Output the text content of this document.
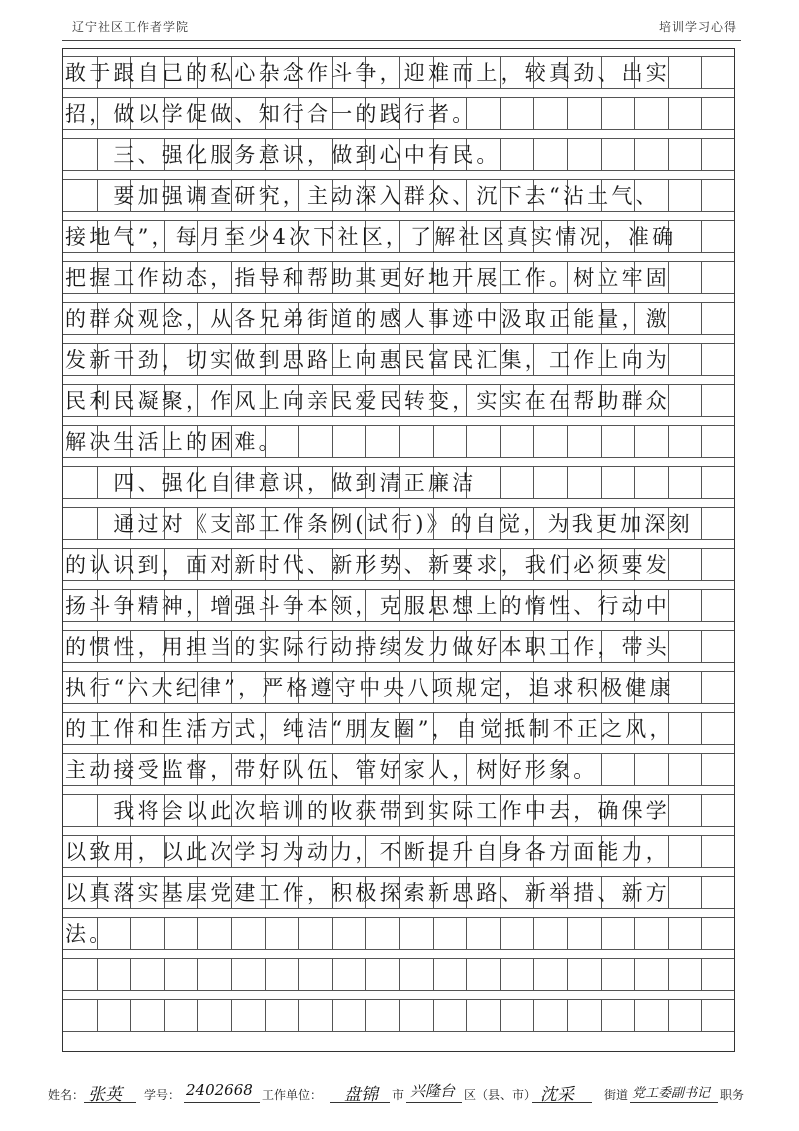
辽宁社区工作者学院	培训学习心得
敢于跟自己的私心杂念作斗争，迎难而上，较真劲、出实
招，做以学促做、知行合一的践行者。
　　三、强化服务意识，做到心中有民。
　　要加强调查研究，主动深入群众、沉下去“沾土气、
接地气”，每月至少4次下社区，了解社区真实情况，准确
把握工作动态，指导和帮助其更好地开展工作。树立牢固
的群众观念，从各兄弟街道的感人事迹中汲取正能量，激
发新干劲，切实做到思路上向惠民富民汇集，工作上向为
民利民凝聚，作风上向亲民爱民转变，实实在在帮助群众
解决生活上的困难。
　　四、强化自律意识，做到清正廉洁
　　通过对《支部工作条例(试行)》的自觉，为我更加深刻
的认识到，面对新时代、新形势、新要求，我们必须要发
扬斗争精神，增强斗争本领，克服思想上的惰性、行动中
的惯性，用担当的实际行动持续发力做好本职工作，带头
执行“六大纪律”，严格遵守中央八项规定，追求积极健康
的工作和生活方式，纯洁“朋友圈”，自觉抵制不正之风，
主动接受监督，带好队伍、管好家人，树好形象。
　　我将会以此次培训的收获带到实际工作中去，确保学
以致用，以此次学习为动力，不断提升自身各方面能力，
以真落实基层党建工作，积极探索新思路、新举措、新方
法。
姓名： 张英 学号： 2402668 工作单位： 盘锦 市 兴隆台 区（县、市） 沈采	街道 党工委副书记 职务
